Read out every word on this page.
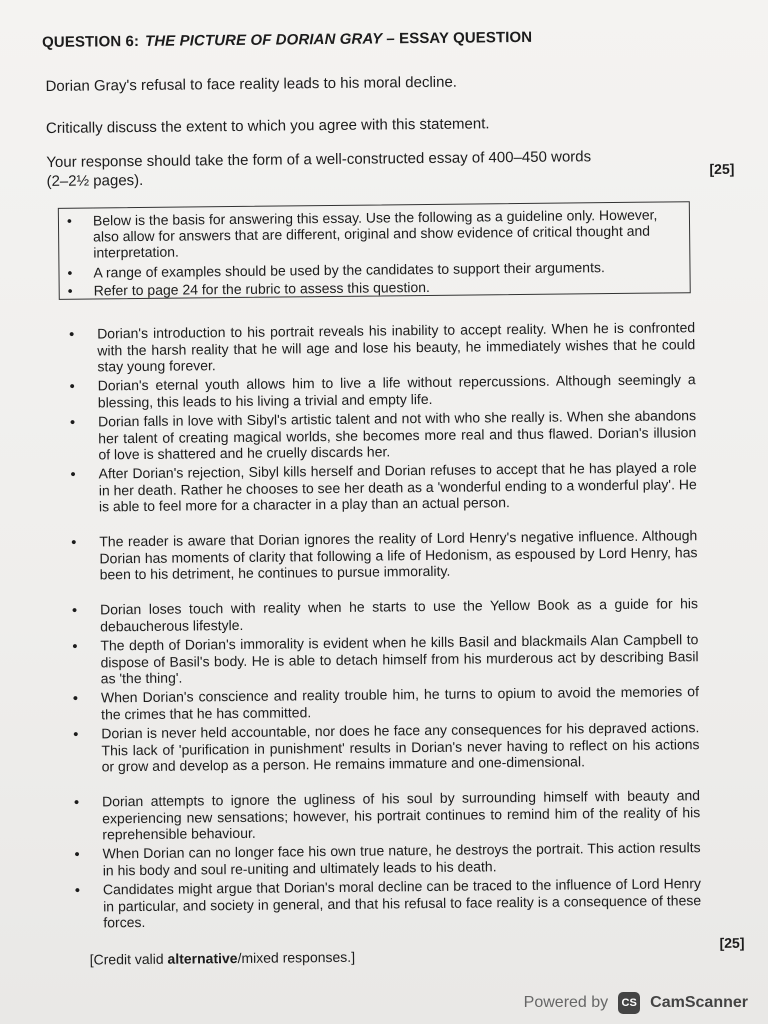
QUESTION 6: THE PICTURE OF DORIAN GRAY – ESSAY QUESTION
Dorian Gray's refusal to face reality leads to his moral decline.
Critically discuss the extent to which you agree with this statement.
Your response should take the form of a well-constructed essay of 400–450 words
(2–2½ pages).
[25]
• Below is the basis for answering this essay. Use the following as a guideline only. However, also allow for answers that are different, original and show evidence of critical thought and interpretation.
• A range of examples should be used by the candidates to support their arguments.
• Refer to page 24 for the rubric to assess this question.
• Dorian's introduction to his portrait reveals his inability to accept reality. When he is confronted with the harsh reality that he will age and lose his beauty, he immediately wishes that he could stay young forever.
• Dorian's eternal youth allows him to live a life without repercussions. Although seemingly a blessing, this leads to his living a trivial and empty life.
• Dorian falls in love with Sibyl's artistic talent and not with who she really is. When she abandons her talent of creating magical worlds, she becomes more real and thus flawed. Dorian's illusion of love is shattered and he cruelly discards her.
• After Dorian's rejection, Sibyl kills herself and Dorian refuses to accept that he has played a role in her death. Rather he chooses to see her death as a 'wonderful ending to a wonderful play'. He is able to feel more for a character in a play than an actual person.
• The reader is aware that Dorian ignores the reality of Lord Henry's negative influence. Although Dorian has moments of clarity that following a life of Hedonism, as espoused by Lord Henry, has been to his detriment, he continues to pursue immorality.
• Dorian loses touch with reality when he starts to use the Yellow Book as a guide for his debaucherous lifestyle.
• The depth of Dorian's immorality is evident when he kills Basil and blackmails Alan Campbell to dispose of Basil's body. He is able to detach himself from his murderous act by describing Basil as 'the thing'.
• When Dorian's conscience and reality trouble him, he turns to opium to avoid the memories of the crimes that he has committed.
• Dorian is never held accountable, nor does he face any consequences for his depraved actions. This lack of 'purification in punishment' results in Dorian's never having to reflect on his actions or grow and develop as a person. He remains immature and one-dimensional.
• Dorian attempts to ignore the ugliness of his soul by surrounding himself with beauty and experiencing new sensations; however, his portrait continues to remind him of the reality of his reprehensible behaviour.
• When Dorian can no longer face his own true nature, he destroys the portrait. This action results in his body and soul re-uniting and ultimately leads to his death.
• Candidates might argue that Dorian's moral decline can be traced to the influence of Lord Henry in particular, and society in general, and that his refusal to face reality is a consequence of these forces.
[Credit valid alternative/mixed responses.]
[25]
Powered by	CS CamScanner
